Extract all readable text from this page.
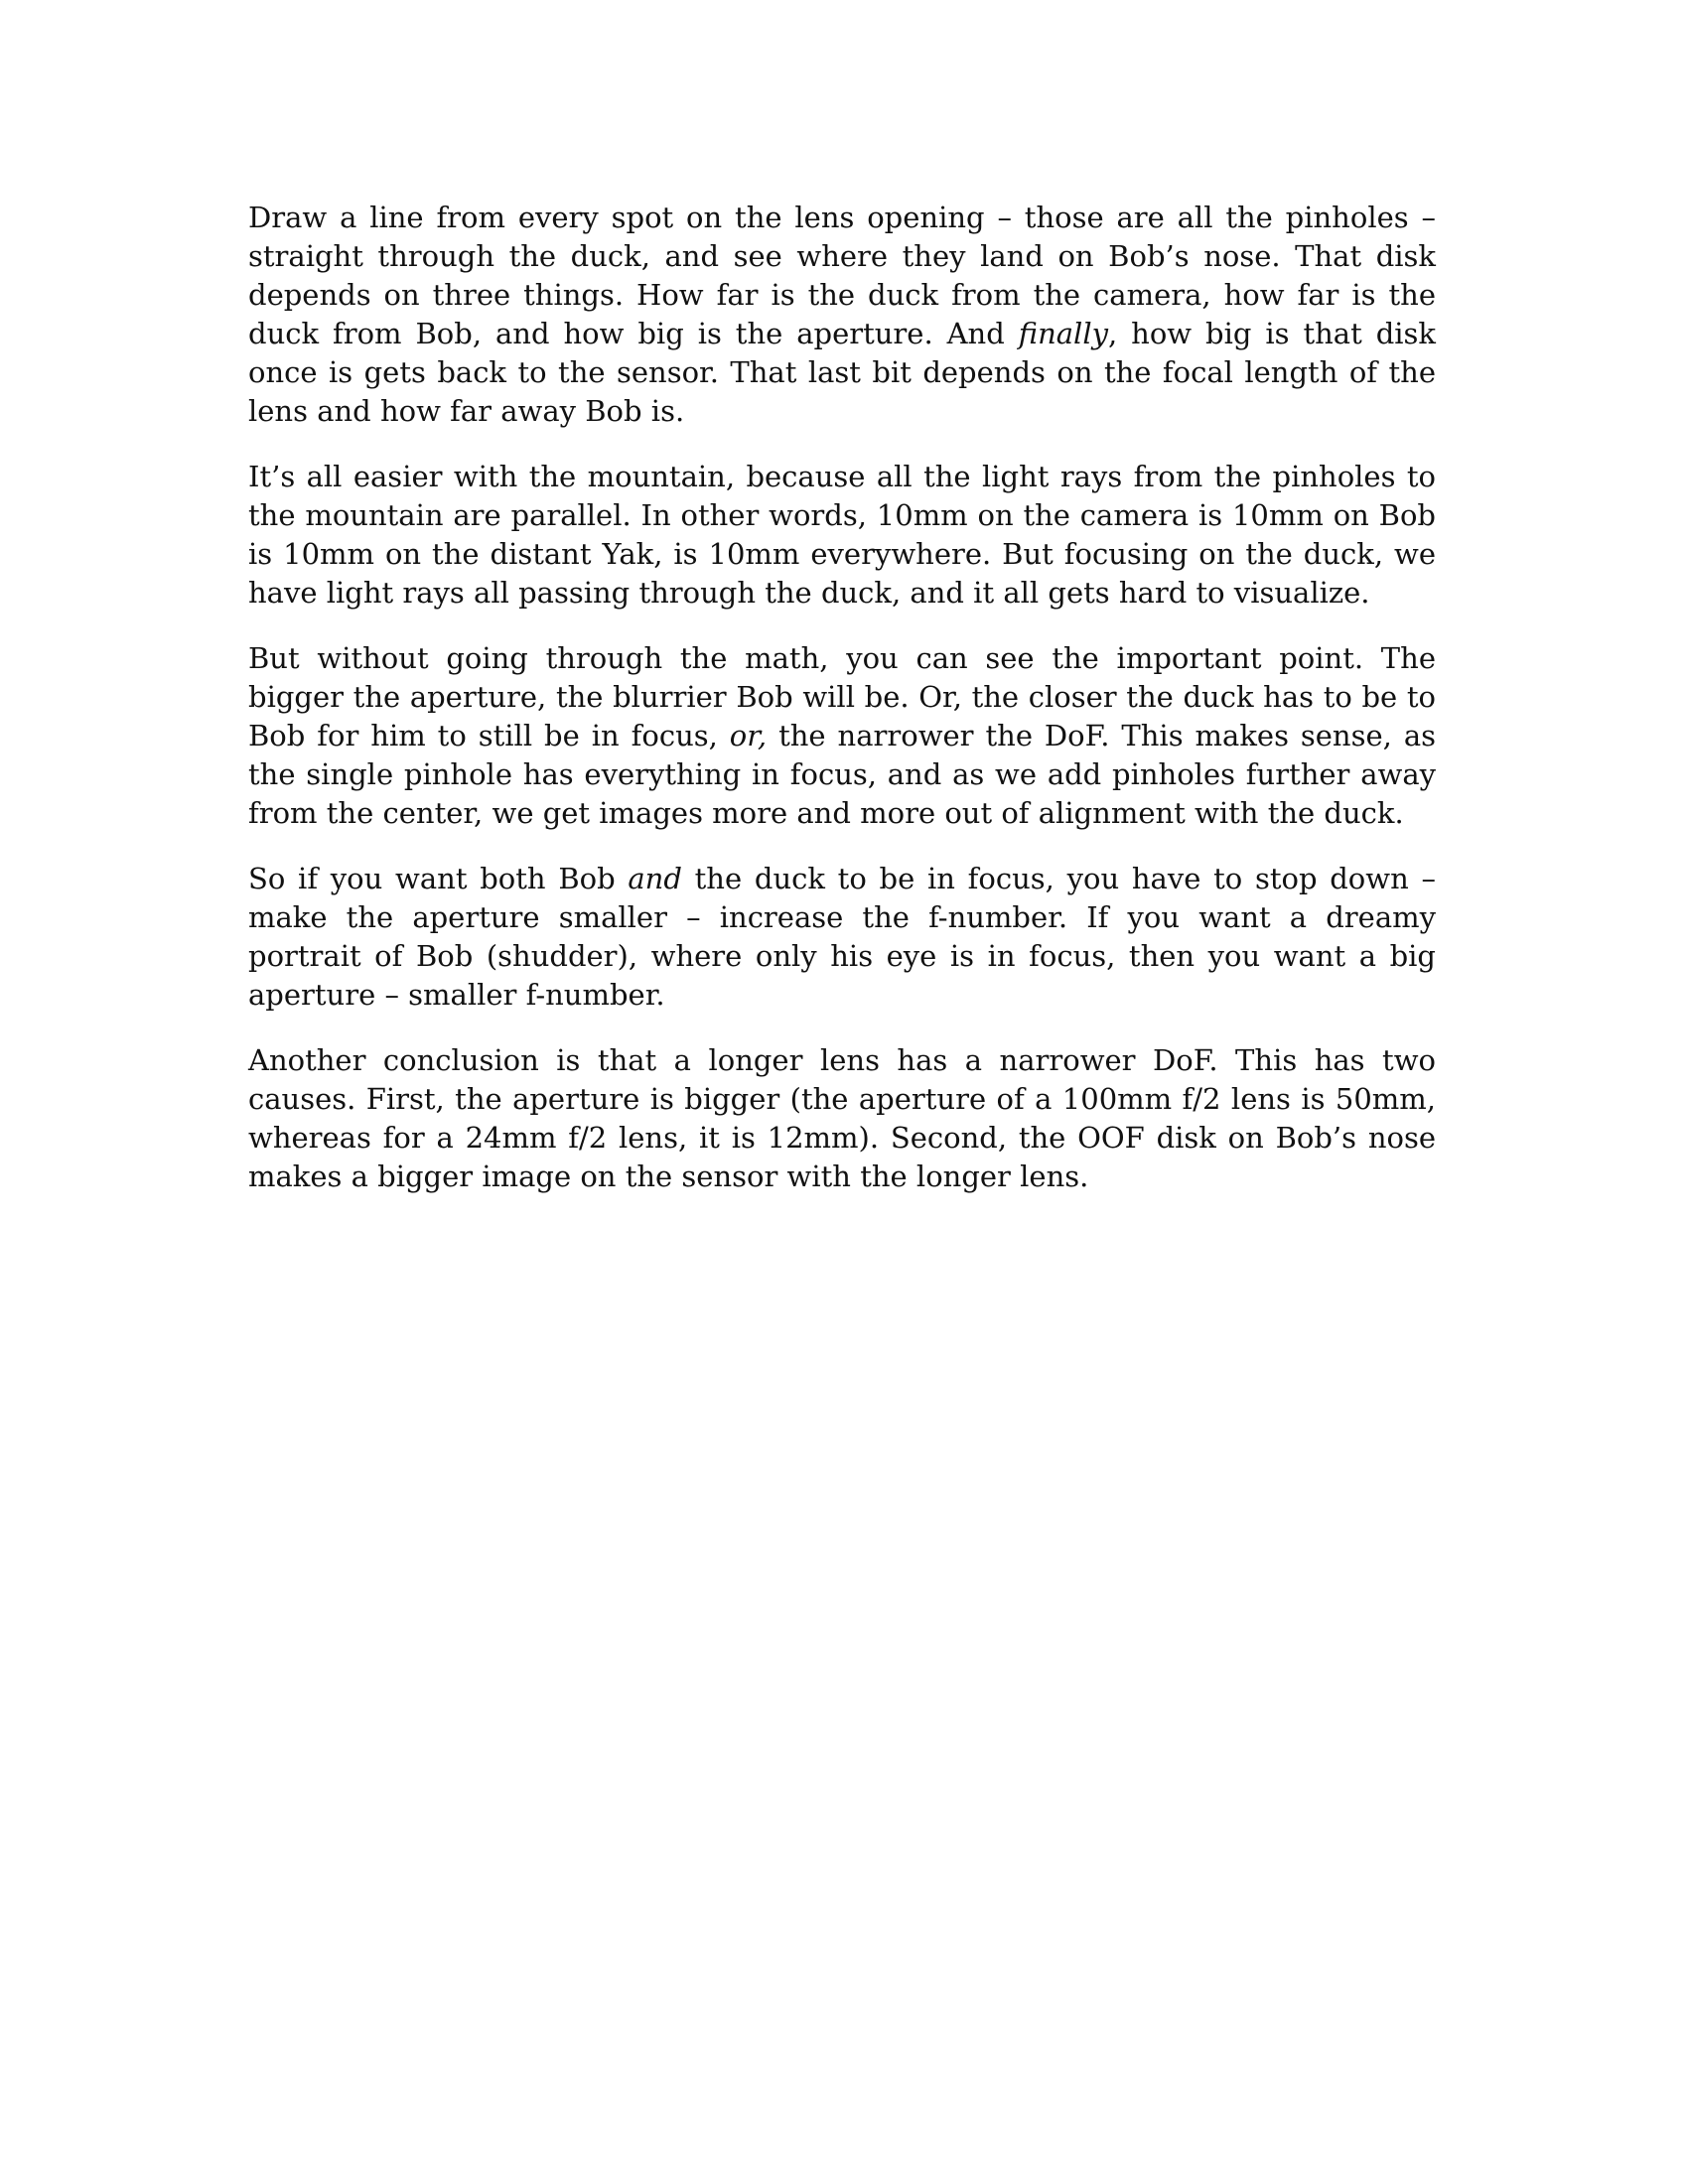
Draw a line from every spot on the lens opening – those are all the pinholes – straight through the duck, and see where they land on Bob’s nose. That disk depends on three things. How far is the duck from the camera, how far is the duck from Bob, and how big is the aperture. And finally, how big is that disk once is gets back to the sensor. That last bit depends on the focal length of the lens and how far away Bob is.

It’s all easier with the mountain, because all the light rays from the pinholes to the mountain are parallel. In other words, 10mm on the camera is 10mm on Bob is 10mm on the distant Yak, is 10mm everywhere. But focusing on the duck, we have light rays all passing through the duck, and it all gets hard to visualize.

But without going through the math, you can see the important point. The bigger the aperture, the blurrier Bob will be. Or, the closer the duck has to be to Bob for him to still be in focus, or, the narrower the DoF. This makes sense, as the single pinhole has everything in focus, and as we add pinholes further away from the center, we get images more and more out of alignment with the duck.

So if you want both Bob and the duck to be in focus, you have to stop down – make the aperture smaller – increase the f-number. If you want a dreamy portrait of Bob (shudder), where only his eye is in focus, then you want a big aperture – smaller f-number.

Another conclusion is that a longer lens has a narrower DoF. This has two causes. First, the aperture is bigger (the aperture of a 100mm f/2 lens is 50mm, whereas for a 24mm f/2 lens, it is 12mm). Second, the OOF disk on Bob’s nose makes a bigger image on the sensor with the longer lens.
